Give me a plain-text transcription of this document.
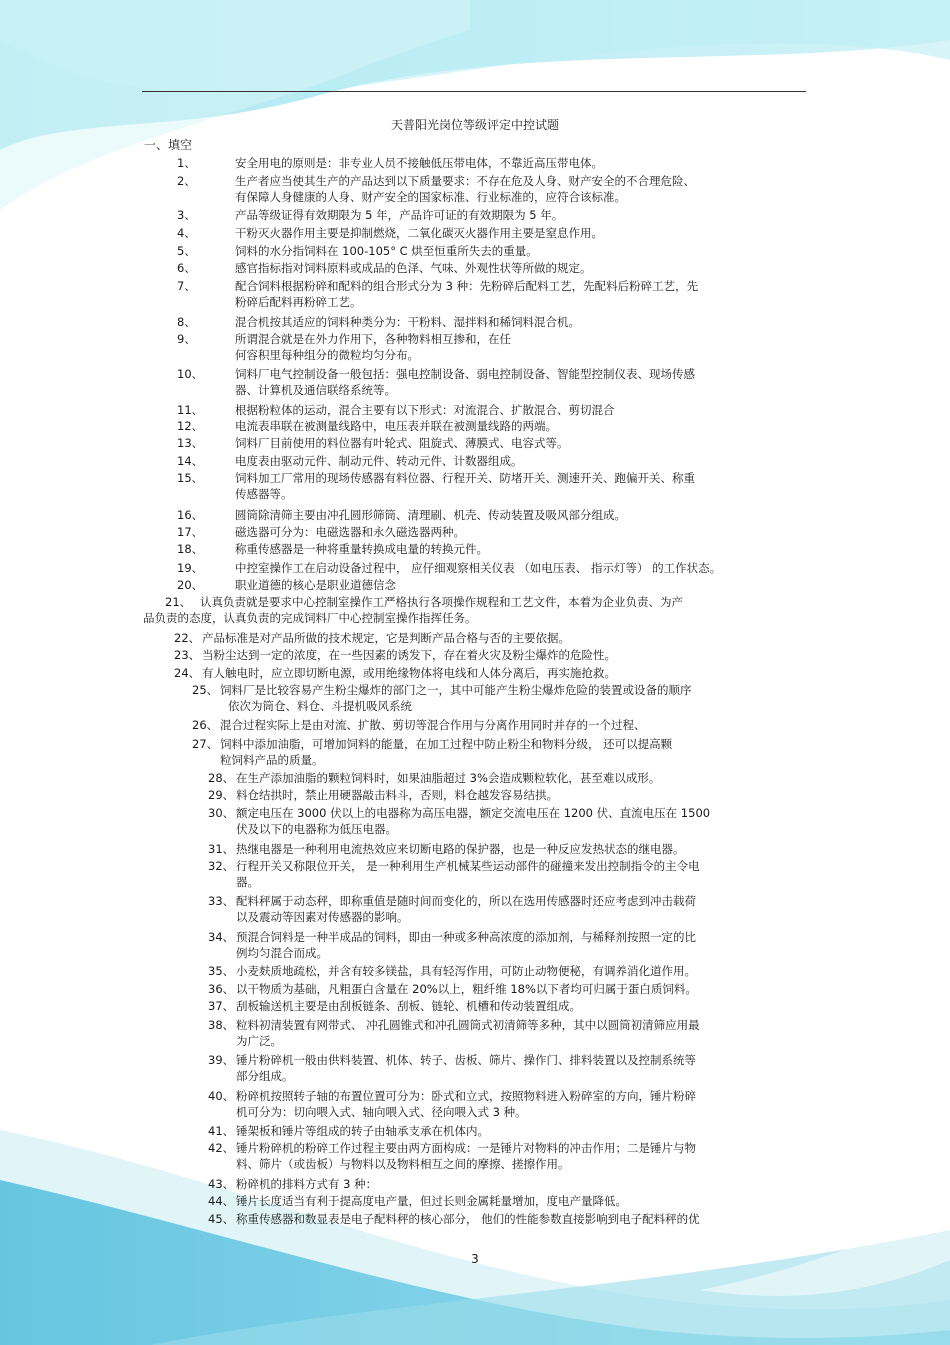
天普阳光岗位等级评定中控试题
一、填空
1、	安全用电的原则是：非专业人员不接触低压带电体，不靠近高压带电体。
2、	生产者应当使其生产的产品达到以下质量要求：不存在危及人身、财产安全的不合理危险、
有保障人身健康的人身、财产安全的国家标准、行业标准的，应符合该标准。
3、	产品等级证得有效期限为 5 年，产品许可证的有效期限为 5 年。
4、	干粉灭火器作用主要是抑制燃烧，二氧化碳灭火器作用主要是窒息作用。
5、	饲料的水分指饲料在 100-105° C 烘至恒重所失去的重量。
6、	感官指标指对饲料原料或成品的色泽、气味、外观性状等所做的规定。
7、	配合饲料根据粉碎和配料的组合形式分为 3 种：先粉碎后配料工艺，先配料后粉碎工艺，先
粉碎后配料再粉碎工艺。
8、	混合机按其适应的饲料种类分为：干粉料、湿拌料和稀饲料混合机。
9、	所谓混合就是在外力作用下，各种物料相互掺和，在任
何容积里每种组分的微粒均匀分布。
10、	饲料厂电气控制设备一般包括：强电控制设备、弱电控制设备、智能型控制仪表、现场传感
器、计算机及通信联络系统等。
11、	根据粉粒体的运动，混合主要有以下形式：对流混合、扩散混合、剪切混合
12、	电流表串联在被测量线路中，电压表并联在被测量线路的两端。
13、	饲料厂目前使用的料位器有叶轮式、阻旋式、薄膜式、电容式等。
14、	电度表由驱动元件、制动元件、转动元件、计数器组成。
15、	饲料加工厂常用的现场传感器有料位器、行程开关、防堵开关、测速开关、跑偏开关、称重
传感器等。
16、	圆筒除清筛主要由冲孔圆形筛筒、清理刷、机壳、传动装置及吸风部分组成。
17、	磁选器可分为：电磁选器和永久磁选器两种。
18、	称重传感器是一种将重量转换成电量的转换元件。
19、	中控室操作工在启动设备过程中， 应仔细观察相关仪表 （如电压表、 指示灯等） 的工作状态。
20、	职业道德的核心是职业道德信念
21、 认真负责就是要求中心控制室操作工严格执行各项操作规程和工艺文件，本着为企业负责、为产
品负责的态度，认真负责的完成饲料厂中心控制室操作指挥任务。
22、 产品标准是对产品所做的技术规定，它是判断产品合格与否的主要依据。
23、 当粉尘达到一定的浓度，在一些因素的诱发下，存在着火灾及粉尘爆炸的危险性。
24、 有人触电时，应立即切断电源，或用绝缘物体将电线和人体分离后，再实施抢救。
25、 饲料厂是比较容易产生粉尘爆炸的部门之一，其中可能产生粉尘爆炸危险的装置或设备的顺序
依次为筒仓、料仓、斗提机吸风系统
26、 混合过程实际上是由对流、扩散、剪切等混合作用与分离作用同时并存的一个过程、
27、 饲料中添加油脂，可增加饲料的能量，在加工过程中防止粉尘和物料分级， 还可以提高颗
粒饲料产品的质量。
28、 在生产添加油脂的颗粒饲料时，如果油脂超过 3%会造成颗粒软化，甚至难以成形。
29、 料仓结拱时，禁止用硬器敲击料斗，否则，料仓越发容易结拱。
30、 额定电压在 3000 伏以上的电器称为高压电器，额定交流电压在 1200 伏、直流电压在 1500
伏及以下的电器称为低压电器。
31、 热继电器是一种利用电流热效应来切断电路的保护器，也是一种反应发热状态的继电器。
32、 行程开关又称限位开关， 是一种利用生产机械某些运动部件的碰撞来发出控制指令的主令电
器。
33、 配料秤属于动态秤，即称重值是随时间而变化的，所以在选用传感器时还应考虑到冲击载荷
以及震动等因素对传感器的影响。
34、 预混合饲料是一种半成品的饲料，即由一种或多种高浓度的添加剂，与稀释剂按照一定的比
例均匀混合而成。
35、 小麦麸质地疏松，并含有较多镁盐，具有轻泻作用，可防止动物便秘，有调养消化道作用。
36、 以干物质为基础，凡粗蛋白含量在 20%以上，粗纤维 18%以下者均可归属于蛋白质饲料。
37、 刮板输送机主要是由刮板链条、刮板、链轮、机槽和传动装置组成。
38、 粒料初清装置有网带式、 冲孔圆锥式和冲孔圆筒式初清筛等多种，其中以圆筒初清筛应用最
为广泛。
39、 锤片粉碎机一般由供料装置、机体、转子、齿板、筛片、操作门、排料装置以及控制系统等
部分组成。
40、 粉碎机按照转子轴的布置位置可分为：卧式和立式，按照物料进入粉碎室的方向，锤片粉碎
机可分为：切向喂入式、轴向喂入式、径向喂入式 3 种。
41、 锤架板和锤片等组成的转子由轴承支承在机体内。
42、 锤片粉碎机的粉碎工作过程主要由两方面构成：一是锤片对物料的冲击作用；二是锤片与物
料、筛片（或齿板）与物料以及物料相互之间的摩擦、搓擦作用。
43、 粉碎机的排料方式有 3 种：
44、 锤片长度适当有利于提高度电产量，但过长则金属耗量增加，度电产量降低。
45、 称重传感器和数显表是电子配料秤的核心部分， 他们的性能参数直接影响到电子配料秤的优
3
